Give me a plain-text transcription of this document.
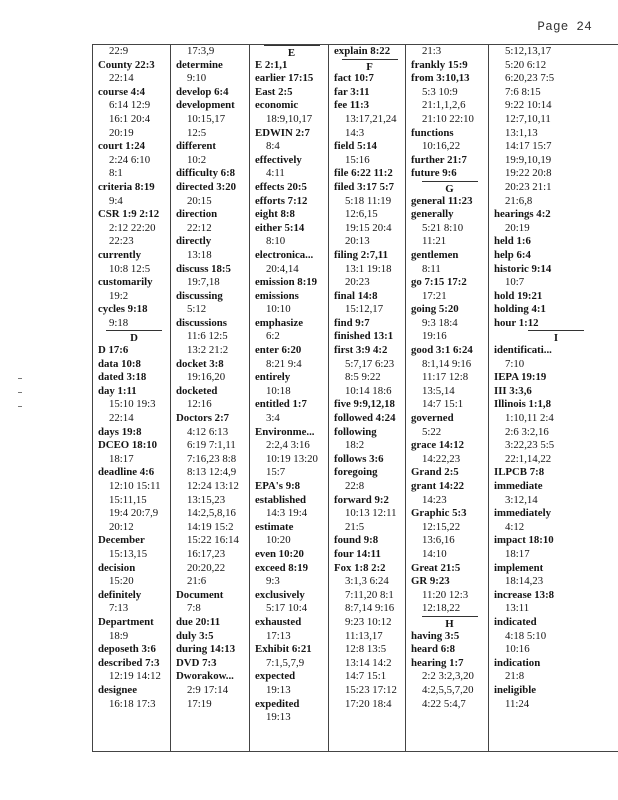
Page 24
22:9
County 22:3
22:14
course 4:4
6:14 12:9
16:1 20:4
20:19
court 1:24
2:24 6:10
8:1
criteria 8:19
9:4
CSR 1:9 2:12
2:12 22:20
22:23
currently
10:8 12:5
customarily
19:2
cycles 9:18
9:18
D
D 17:6
data 10:8
dated 3:18
day 1:11
15:10 19:3
22:14
days 19:8
DCEO 18:10
18:17
deadline 4:6
12:10 15:11
15:11,15
19:4 20:7,9
20:12
December
15:13,15
decision
15:20
definitely
7:13
Department
18:9
deposeth 3:6
described 7:3
12:19 14:12
designee
16:18 17:3
17:3,9
determine
9:10
develop 6:4
development
10:15,17
12:5
different
10:2
difficulty 6:8
directed 3:20
20:15
direction
22:12
directly
13:18
discuss 18:5
19:7,18
discussing
5:12
discussions
11:6 12:5
13:2 21:2
docket 3:8
19:16,20
docketed
12:16
Doctors 2:7
4:12 6:13
6:19 7:1,11
7:16,23 8:8
8:13 12:4,9
12:24 13:12
13:15,23
14:2,5,8,16
14:19 15:2
15:22 16:14
16:17,23
20:20,22
21:6
Document
7:8
due 20:11
duly 3:5
during 14:13
DVD 7:3
Dworakow...
2:9 17:14
17:19
E
E 2:1,1
earlier 17:15
East 2:5
economic
18:9,10,17
EDWIN 2:7
8:4
effectively
4:11
effects 20:5
efforts 7:12
eight 8:8
either 5:14
8:10
electronica...
20:4,14
emission 8:19
emissions
10:10
emphasize
6:2
enter 6:20
8:21 9:4
entirely
10:18
entitled 1:7
3:4
Environme...
2:2,4 3:16
10:19 13:20
15:7
EPA's 9:8
established
14:3 19:4
estimate
10:20
even 10:20
exceed 8:19
9:3
exclusively
5:17 10:4
exhausted
17:13
Exhibit 6:21
7:1,5,7,9
expected
19:13
expedited
19:13
explain 8:22
F
fact 10:7
far 3:11
fee 11:3
13:17,21,24
14:3
field 5:14
15:16
file 6:22 11:2
filed 3:17 5:7
5:18 11:19
12:6,15
19:15 20:4
20:13
filing 2:7,11
13:1 19:18
20:23
final 14:8
15:12,17
find 9:7
finished 13:1
first 3:9 4:2
5:7,17 6:23
8:5 9:22
10:14 18:6
five 9:9,12,18
followed 4:24
following
18:2
follows 3:6
foregoing
22:8
forward 9:2
10:13 12:11
21:5
found 9:8
four 14:11
Fox 1:8 2:2
3:1,3 6:24
7:11,20 8:1
8:7,14 9:16
9:23 10:12
11:13,17
12:8 13:5
13:14 14:2
14:7 15:1
15:23 17:12
17:20 18:4
21:3
frankly 15:9
from 3:10,13
5:3 10:9
21:1,1,2,6
21:10 22:10
functions
10:16,22
further 21:7
future 9:6
G
general 11:23
generally
5:21 8:10
11:21
gentlemen
8:11
go 7:15 17:2
17:21
going 5:20
9:3 18:4
19:16
good 3:1 6:24
8:1,14 9:16
11:17 12:8
13:5,14
14:7 15:1
governed
5:22
grace 14:12
14:22,23
Grand 2:5
grant 14:22
14:23
Graphic 5:3
12:15,22
13:6,16
14:10
Great 21:5
GR 9:23
11:20 12:3
12:18,22
H
having 3:5
heard 6:8
hearing 1:7
2:2 3:2,3,20
4:2,5,5,7,20
4:22 5:4,7
5:12,13,17
5:20 6:12
6:20,23 7:5
7:6 8:15
9:22 10:14
12:7,10,11
13:1,13
14:17 15:7
19:9,10,19
19:22 20:8
20:23 21:1
21:6,8
hearings 4:2
20:19
held 1:6
help 6:4
historic 9:14
10:7
hold 19:21
holding 4:1
hour 1:12
I
identificati...
7:10
IEPA 19:19
III 3:3,6
Illinois 1:1,8
1:10,11 2:4
2:6 3:2,16
3:22,23 5:5
22:1,14,22
ILPCB 7:8
immediate
3:12,14
immediately
4:12
impact 18:10
18:17
implement
18:14,23
increase 13:8
13:11
indicated
4:18 5:10
10:16
indication
21:8
ineligible
11:24
